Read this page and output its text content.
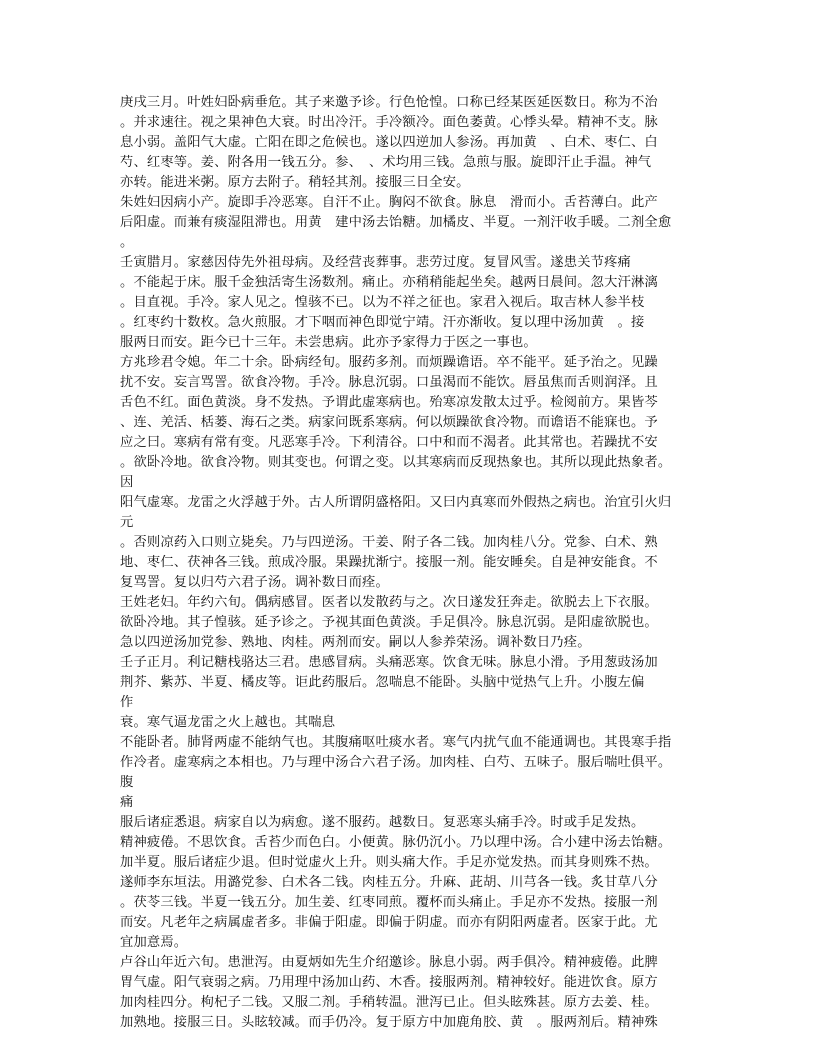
庚戌三月。叶姓妇卧病垂危。其子来邀予诊。行色怆惶。口称已经某医延医数日。称为不治
。并求速往。视之果神色大衰。时出冷汗。手冷额冷。面色萎黄。心悸头晕。精神不支。脉
息小弱。盖阳气大虚。亡阳在即之危候也。遂以四逆加人参汤。再加黄　、白术、枣仁、白
芍、红枣等。姜、附各用一钱五分。参、　、术均用三钱。急煎与服。旋即汗止手温。神气
亦转。能进米粥。原方去附子。稍轻其剂。接服三日全安。
朱姓妇因病小产。旋即手冷恶寒。自汗不止。胸闷不欲食。脉息　滑而小。舌苔薄白。此产
后阳虚。而兼有痰湿阻滞也。用黄　建中汤去饴糖。加橘皮、半夏。一剂汗收手暖。二剂全愈
。
壬寅腊月。家慈因侍先外祖母病。及经营丧葬事。悲劳过度。复冒风雪。遂患关节疼痛
。不能起于床。服千金独活寄生汤数剂。痛止。亦稍稍能起坐矣。越两日晨间。忽大汗淋漓
。目直视。手冷。家人见之。惶骇不已。以为不祥之征也。家君入视后。取吉林人参半枝
。红枣约十数枚。急火煎服。才下咽而神色即觉宁靖。汗亦渐收。复以理中汤加黄　。接
服两日而安。距今已十三年。未尝患病。此亦予家得力于医之一事也。
方兆珍君令媳。年二十余。卧病经旬。服药多剂。而烦躁谵语。卒不能平。延予治之。见躁
扰不安。妄言骂詈。欲食冷物。手冷。脉息沉弱。口虽渴而不能饮。唇虽焦而舌则润泽。且
舌色不红。面色黄淡。身不发热。予谓此虚寒病也。殆寒凉发散太过乎。检阅前方。果皆芩
、连、羌活、栝蒌、海石之类。病家问既系寒病。何以烦躁欲食冷物。而谵语不能寐也。予
应之曰。寒病有常有变。凡恶寒手冷。下利清谷。口中和而不渴者。此其常也。若躁扰不安
。欲卧冷地。欲食冷物。则其变也。何谓之变。以其寒病而反现热象也。其所以现此热象者。
因
阳气虚寒。龙雷之火浮越于外。古人所谓阴盛格阳。又曰内真寒而外假热之病也。治宜引火归
元
。否则凉药入口则立毙矣。乃与四逆汤。干姜、附子各二钱。加肉桂八分。党参、白术、熟
地、枣仁、茯神各三钱。煎成冷服。果躁扰渐宁。接服一剂。能安睡矣。自是神安能食。不
复骂詈。复以归芍六君子汤。调补数日而痊。
王姓老妇。年约六旬。偶病感冒。医者以发散药与之。次日遂发狂奔走。欲脱去上下衣服。
欲卧冷地。其子惶骇。延予诊之。予视其面色黄淡。手足俱冷。脉息沉弱。是阳虚欲脱也。
急以四逆汤加党参、熟地、肉桂。两剂而安。嗣以人参养荣汤。调补数日乃痊。
壬子正月。利记糖栈骆达三君。患感冒病。头痛恶寒。饮食无味。脉息小滑。予用葱豉汤加
荆芥、紫苏、半夏、橘皮等。讵此药服后。忽喘息不能卧。头脑中觉热气上升。小腹左偏
作
衰。寒气逼龙雷之火上越也。其喘息
不能卧者。肺肾两虚不能纳气也。其腹痛呕吐痰水者。寒气内扰气血不能通调也。其畏寒手指
作冷者。虚寒病之本相也。乃与理中汤合六君子汤。加肉桂、白芍、五味子。服后喘吐俱平。
腹
痛
服后诸症悉退。病家自以为病愈。遂不服药。越数日。复恶寒头痛手冷。时或手足发热。
精神疲倦。不思饮食。舌苔少而色白。小便黄。脉仍沉小。乃以理中汤。合小建中汤去饴糖。
加半夏。服后诸症少退。但时觉虚火上升。则头痛大作。手足亦觉发热。而其身则殊不热。
遂师李东垣法。用潞党参、白术各二钱。肉桂五分。升麻、茈胡、川芎各一钱。炙甘草八分
。茯苓三钱。半夏一钱五分。加生姜、红枣同煎。覆杯而头痛止。手足亦不发热。接服一剂
而安。凡老年之病属虚者多。非偏于阳虚。即偏于阴虚。而亦有阴阳两虚者。医家于此。尤
宜加意焉。
卢谷山年近六旬。患泄泻。由夏炳如先生介绍邀诊。脉息小弱。两手俱冷。精神疲倦。此脾
胃气虚。阳气衰弱之病。乃用理中汤加山药、木香。接服两剂。精神较好。能进饮食。原方
加肉桂四分。枸杞子二钱。又服二剂。手稍转温。泄泻已止。但头眩殊甚。原方去姜、桂。
加熟地。接服三日。头眩较减。而手仍冷。复于原方中加鹿角胶、黄　。服两剂后。精神殊
